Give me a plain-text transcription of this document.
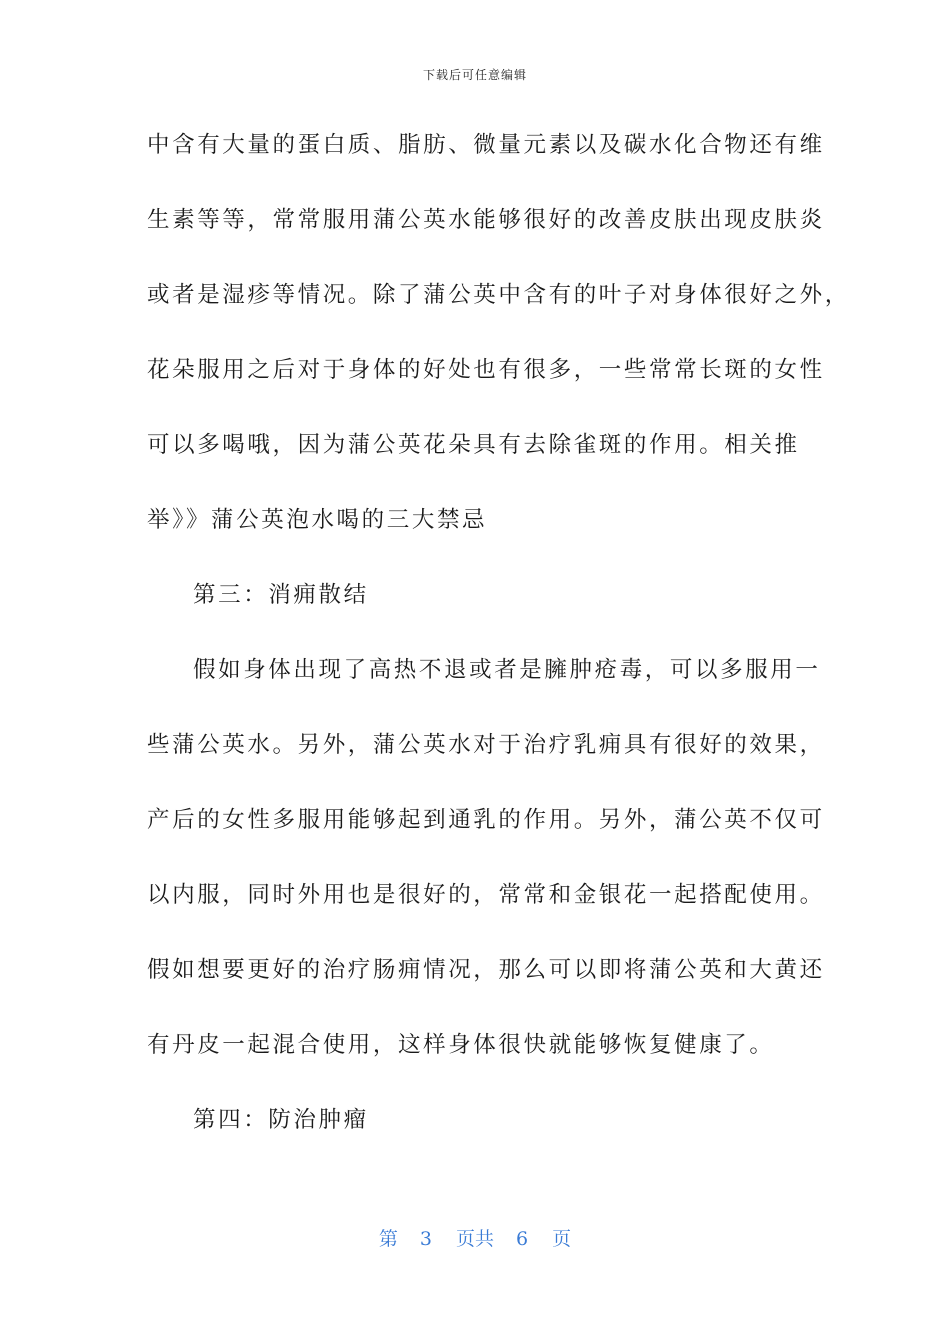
下载后可任意编辑
中含有大量的蛋白质、脂肪、微量元素以及碳水化合物还有维
生素等等，常常服用蒲公英水能够很好的改善皮肤出现皮肤炎
或者是湿疹等情况。除了蒲公英中含有的叶子对身体很好之外，
花朵服用之后对于身体的好处也有很多，一些常常长斑的女性
可以多喝哦，因为蒲公英花朵具有去除雀斑的作用。相关推
举》》蒲公英泡水喝的三大禁忌
第三：消痈散结
假如身体出现了高热不退或者是臃肿疮毒，可以多服用一
些蒲公英水。另外，蒲公英水对于治疗乳痈具有很好的效果，
产后的女性多服用能够起到通乳的作用。另外，蒲公英不仅可
以内服，同时外用也是很好的，常常和金银花一起搭配使用。
假如想要更好的治疗肠痈情况，那么可以即将蒲公英和大黄还
有丹皮一起混合使用，这样身体很快就能够恢复健康了。
第四：防治肿瘤
第 3 页共 6 页
